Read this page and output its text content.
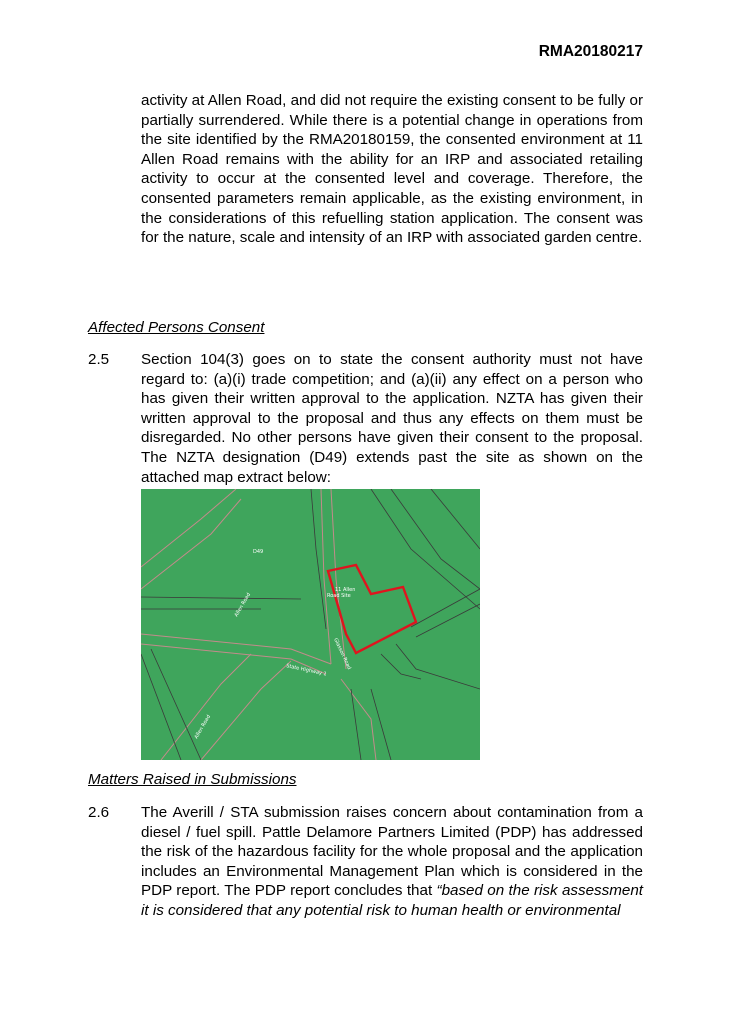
RMA20180217
activity at Allen Road, and did not require the existing consent to be fully or partially surrendered. While there is a potential change in operations from the site identified by the RMA20180159, the consented environment at 11 Allen Road remains with the ability for an IRP and associated retailing activity to occur at the consented level and coverage. Therefore, the consented parameters remain applicable, as the existing environment, in the considerations of this refuelling station application. The consent was for the nature, scale and intensity of an IRP with associated garden centre.
Affected Persons Consent
2.5 Section 104(3) goes on to state the consent authority must not have regard to: (a)(i) trade competition; and (a)(ii) any effect on a person who has given their written approval to the application. NZTA has given their written approval to the proposal and thus any effects on them must be disregarded. No other persons have given their consent to the proposal. The NZTA designation (D49) extends past the site as shown on the attached map extract below:
D49
11 Allen
Road Site
Allen Road
State Highway 1 Glasson Road
Allen Road
Matters Raised in Submissions
2.6 The Averill / STA submission raises concern about contamination from a diesel / fuel spill. Pattle Delamore Partners Limited (PDP) has addressed the risk of the hazardous facility for the whole proposal and the application includes an Environmental Management Plan which is considered in the PDP report. The PDP report concludes that “based on the risk assessment it is considered that any potential risk to human health or environmental
